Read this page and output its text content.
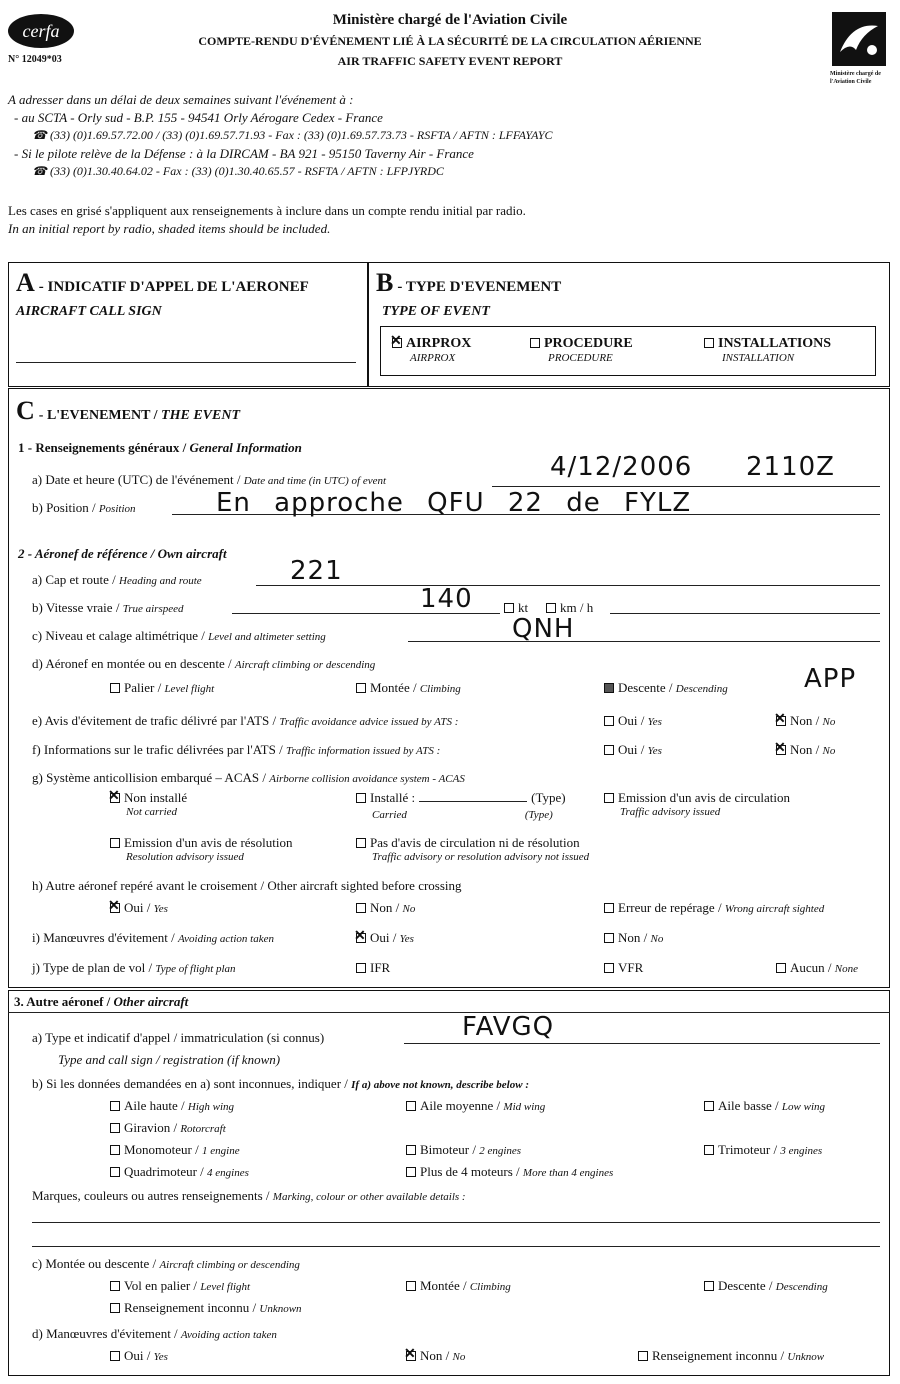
cerfa
N° 12049*03
Ministère chargé de l'Aviation Civile
COMPTE-RENDU D'ÉVÉNEMENT LIÉ À LA SÉCURITÉ DE LA CIRCULATION AÉRIENNE
AIR TRAFFIC SAFETY EVENT REPORT
Ministère chargé de l'Aviation Civile
A adresser dans un délai de deux semaines suivant l'événement à :
- au SCTA - Orly sud - B.P. 155 - 94541 Orly Aérogare Cedex - France
☎ (33) (0)1.69.57.72.00 / (33) (0)1.69.57.71.93 - Fax : (33) (0)1.69.57.73.73 - RSFTA / AFTN : LFFAYAYC
- Si le pilote relève de la Défense : à la DIRCAM - BA 921 - 95150 Taverny Air - France
☎ (33) (0)1.30.40.64.02 - Fax : (33) (0)1.30.40.65.57 - RSFTA / AFTN : LFPJYRDC
Les cases en grisé s'appliquent aux renseignements à inclure dans un compte rendu initial par radio.
In an initial report by radio, shaded items should be included.
A - INDICATIF D'APPEL DE L'AERONEF
AIRCRAFT CALL SIGN
B - TYPE D'EVENEMENT
TYPE OF EVENT
✕AIRPROX
AIRPROX
PROCEDURE
PROCEDURE
INSTALLATIONS
INSTALLATION
C - L'EVENEMENT / THE EVENT
1 - Renseignements généraux / General Information
a) Date et heure (UTC) de l'événement / Date and time (in UTC) of event	4/12/2006 2110Z
b) Position / Position	En approche QFU 22 de FYLZ
2 - Aéronef de référence / Own aircraft
a) Cap et route / Heading and route	221
b) Vitesse vraie / True airspeed	140	kt	km / h
c) Niveau et calage altimétrique / Level and altimeter setting	QNH
d) Aéronef en montée ou en descente / Aircraft climbing or descending
Palier / Level flight	Montée / Climbing	Descente / Descending	APP
e) Avis d'évitement de trafic délivré par l'ATS / Traffic avoidance advice issued by ATS :	Oui / Yes ✕	Non / No
f) Informations sur le trafic délivrées par l'ATS / Traffic information issued by ATS :	Oui / Yes ✕	Non / No
g) Système anticollision embarqué – ACAS / Airborne collision avoidance system - ACAS
✕Non installé
Not carried
Installé :	(Type)
Carried	(Type)
Emission d'un avis de circulation
Traffic advisory issued
Emission d'un avis de résolution
Resolution advisory issued
Pas d'avis de circulation ni de résolution
Traffic advisory or resolution advisory not issued
h) Autre aéronef repéré avant le croisement / Other aircraft sighted before crossing
✕Oui / Yes	Non / No	Erreur de repérage / Wrong aircraft sighted
i) Manœuvres d'évitement / Avoiding action taken ✕	Oui / Yes	Non / No
j) Type de plan de vol / Type of flight plan	IFR	VFR	Aucun / None
3. Autre aéronef / Other aircraft
a) Type et indicatif d'appel / immatriculation (si connus)
Type and call sign / registration (if known)
FAVGQ
b) Si les données demandées en a) sont inconnues, indiquer / If a) above not known, describe below :
Aile haute / High wing	Aile moyenne / Mid wing	Aile basse / Low wing
Giravion / Rotorcraft
Monomoteur / 1 engine	Bimoteur / 2 engines	Trimoteur / 3 engines
Quadrimoteur / 4 engines	Plus de 4 moteurs / More than 4 engines
Marques, couleurs ou autres renseignements / Marking, colour or other available details :
c) Montée ou descente / Aircraft climbing or descending
Vol en palier / Level flight	Montée / Climbing	Descente / Descending
Renseignement inconnu / Unknown
d) Manœuvres d'évitement / Avoiding action taken
Oui / Yes ✕	Non / No	Renseignement inconnu / Unknow
